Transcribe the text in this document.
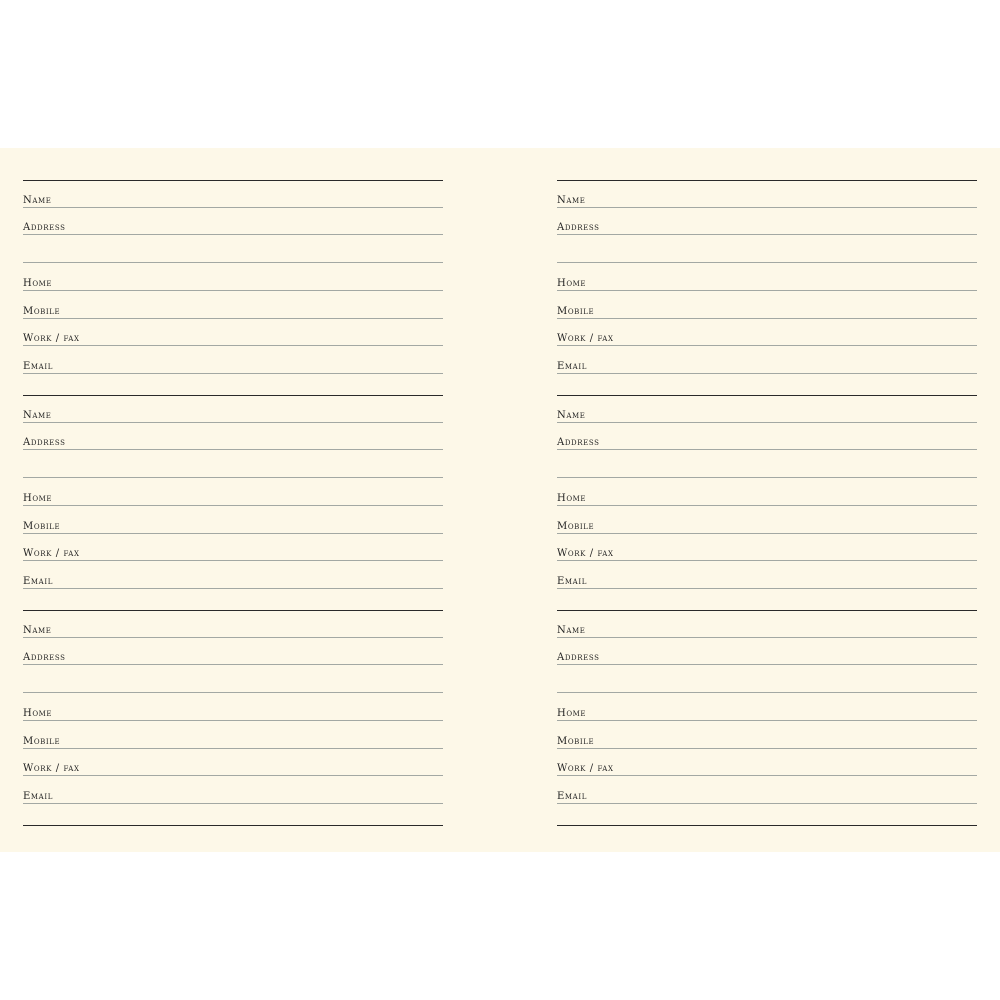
Name
Address
Home
Mobile
Work / fax
Email
Name
Address
Home
Mobile
Work / fax
Email
Name
Address
Home
Mobile
Work / fax
Email
Name
Address
Home
Mobile
Work / fax
Email
Name
Address
Home
Mobile
Work / fax
Email
Name
Address
Home
Mobile
Work / fax
Email
